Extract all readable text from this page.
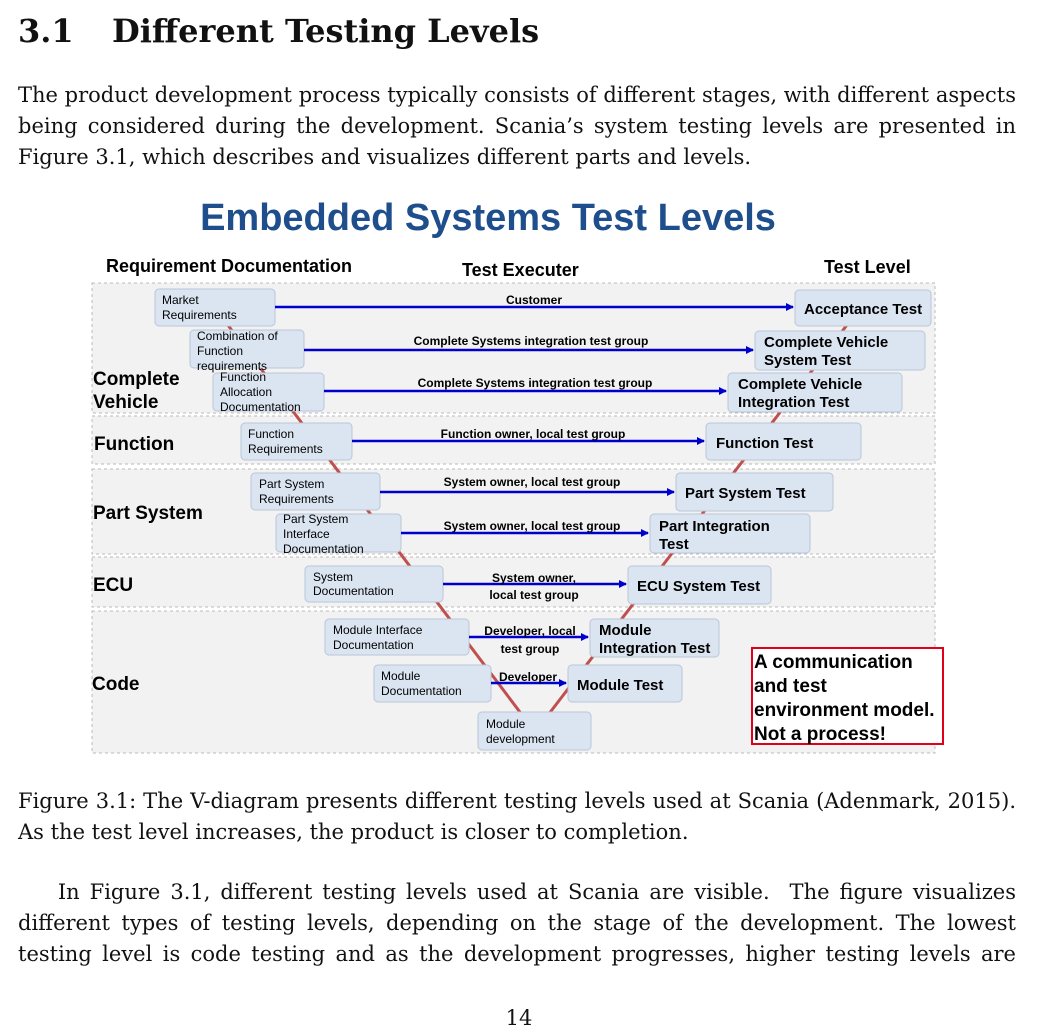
3.1 Different Testing Levels
The product development process typically consists of different stages, with different aspects
being considered during the development. Scania’s system testing levels are presented in
Figure 3.1, which describes and visualizes different parts and levels.
Embedded Systems Test Levels
Requirement Documentation	Test Executer	Test Level
Complete Vehicle
Function
Part System
ECU
Code
Market Requirements
Combination of Function requirements
Function Allocation Documentation
Function Requirements
Part System Requirements
Part System Interface Documentation
System Documentation
Module Interface Documentation
Module Documentation
Module development
Acceptance Test
Complete Vehicle System Test
Complete Vehicle Integration Test
Function Test
Part System Test
Part Integration Test
ECU System Test
Module Integration Test
Module Test
Customer
Complete Systems integration test group
Complete Systems integration test group
Function owner, local test group
System owner, local test group
System owner, local test group
System owner, local test group
Developer, local test group
Developer
A communication and test environment model. Not a process!
Figure 3.1: The V-diagram presents different testing levels used at Scania (Adenmark, 2015).
As the test level increases, the product is closer to completion.
In Figure 3.1, different testing levels used at Scania are visible.  The figure visualizes
different types of testing levels, depending on the stage of the development. The lowest
testing level is code testing and as the development progresses, higher testing levels are
14
